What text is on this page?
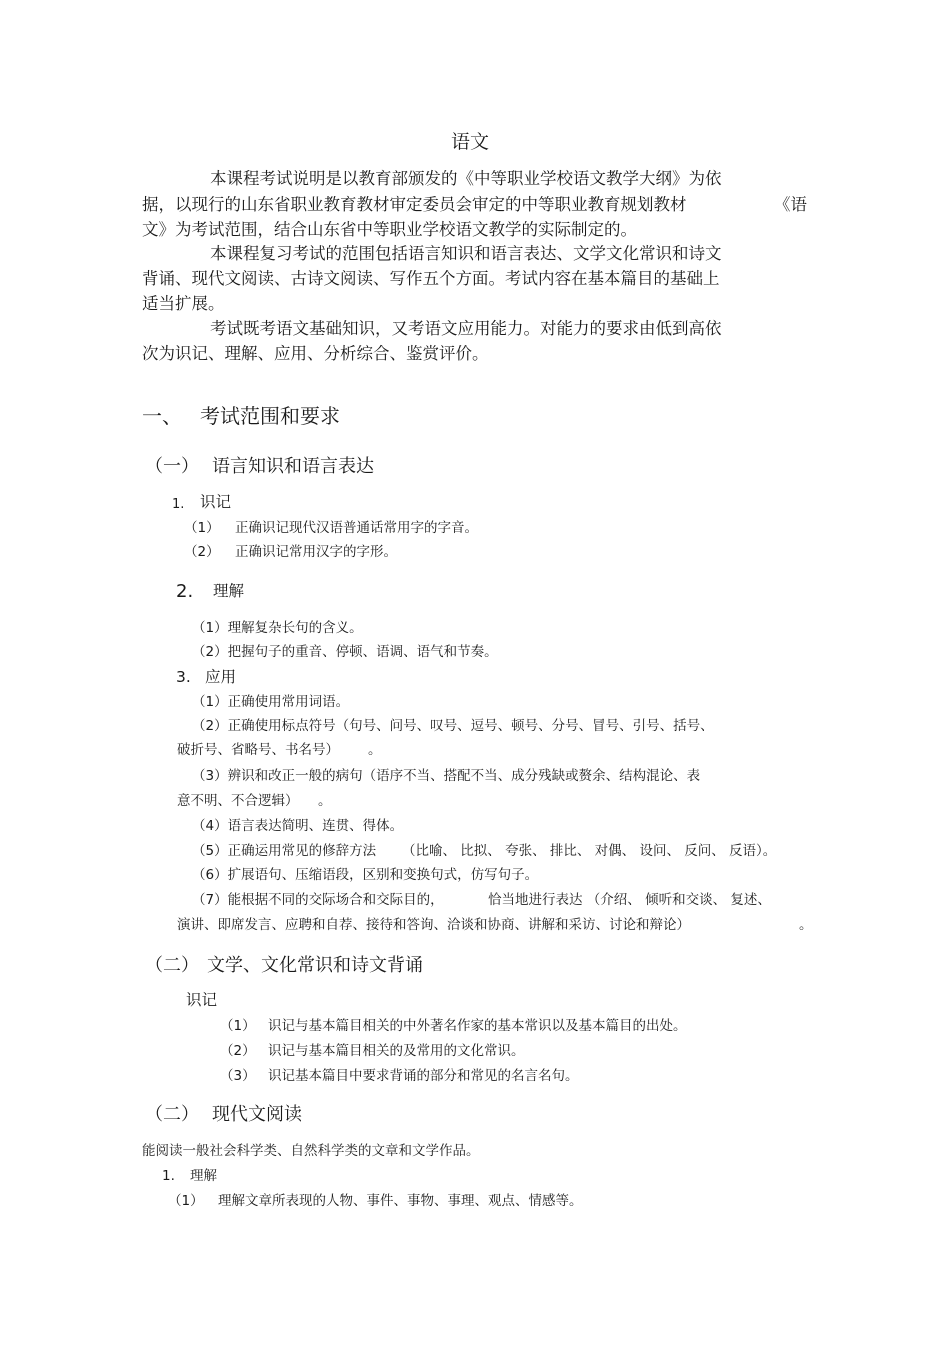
语文

本课程考试说明是以教育部颁发的《中等职业学校语文教学大纲》为依

据，以现行的山东省职业教育教材审定委员会审定的中等职业教育规划教材	《语

文》为考试范围，结合山东省中等职业学校语文教学的实际制定的。

本课程复习考试的范围包括语言知识和语言表达、文学文化常识和诗文

背诵、现代文阅读、古诗文阅读、写作五个方面。考试内容在基本篇目的基础上

适当扩展。

考试既考语文基础知识，又考语文应用能力。对能力的要求由低到高依

次为识记、理解、应用、分析综合、鉴赏评价。

一、 考试范围和要求

（一） 语言知识和语言表达

1. 识记

（1） 正确识记现代汉语普通话常用字的字音。

（2） 正确识记常用汉字的字形。

2. 理解

（1）理解复杂长句的含义。

（2）把握句子的重音、停顿、语调、语气和节奏。

3. 应用

（1）正确使用常用词语。

（2）正确使用标点符号（句号、问号、叹号、逗号、顿号、分号、冒号、引号、括号、

破折号、省略号、书名号） 。

（3）辨识和改正一般的病句（语序不当、搭配不当、成分残缺或赘余、结构混论、表

意不明、不合逻辑） 。

（4）语言表达简明、连贯、得体。

（5）正确运用常见的修辞方法 （比喻、 比拟、 夸张、 排比、 对偶、 设问、 反问、 反语）。

（6）扩展语句、压缩语段，区别和变换句式，仿写句子。

（7）能根据不同的交际场合和交际目的，	恰当地进行表达 （介绍、 倾听和交谈、 复述、

演讲、即席发言、应聘和自荐、接待和答询、洽谈和协商、讲解和采访、讨论和辩论）	。

（二） 文学、文化常识和诗文背诵

识记

（1） 识记与基本篇目相关的中外著名作家的基本常识以及基本篇目的出处。

（2） 识记与基本篇目相关的及常用的文化常识。

（3） 识记基本篇目中要求背诵的部分和常见的名言名句。

（二） 现代文阅读

能阅读一般社会科学类、自然科学类的文章和文学作品。

1. 理解

（1） 理解文章所表现的人物、事件、事物、事理、观点、情感等。
